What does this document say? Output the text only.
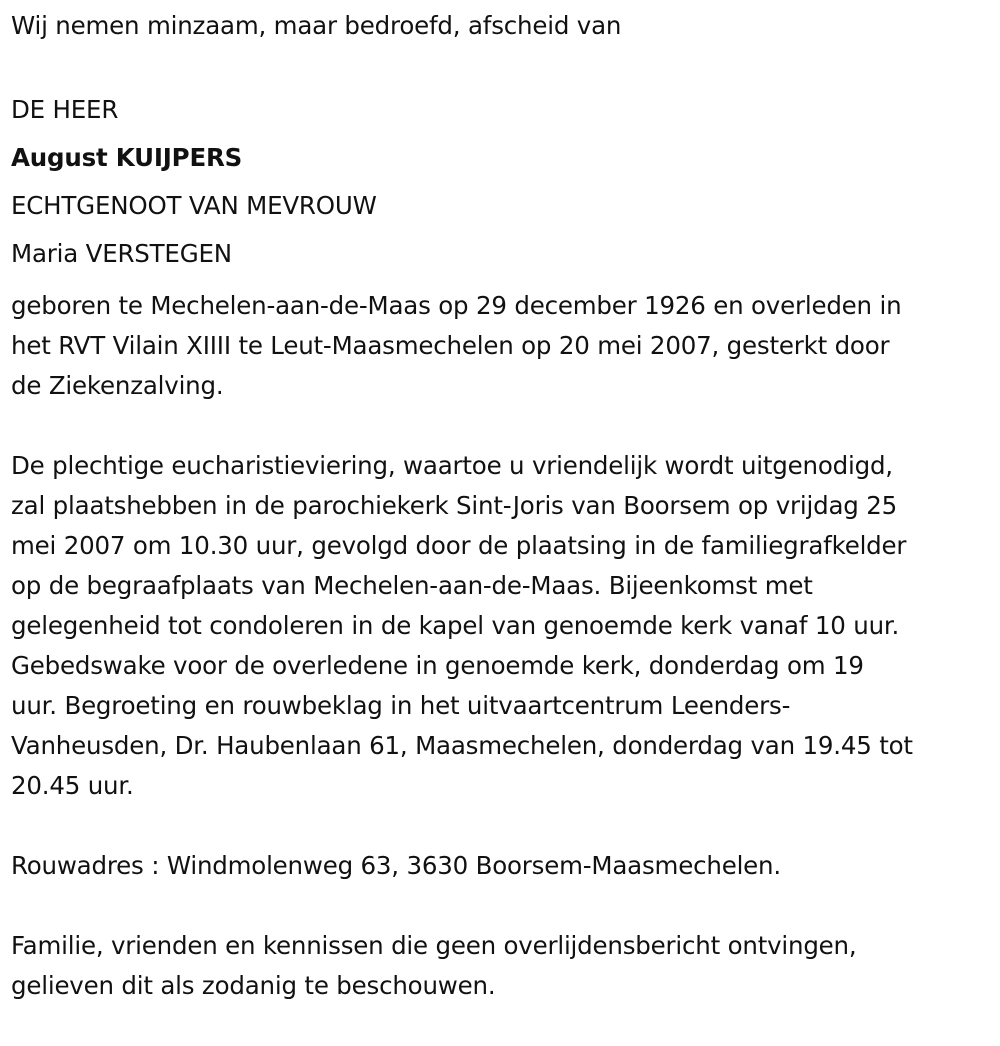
Wij nemen minzaam, maar bedroefd, afscheid van

DE HEER

August KUIJPERS

ECHTGENOOT VAN MEVROUW

Maria VERSTEGEN

geboren te Mechelen-aan-de-Maas op 29 december 1926 en overleden in

het RVT Vilain XIIII te Leut-Maasmechelen op 20 mei 2007, gesterkt door

de Ziekenzalving.

De plechtige eucharistieviering, waartoe u vriendelijk wordt uitgenodigd,

zal plaatshebben in de parochiekerk Sint-Joris van Boorsem op vrijdag 25

mei 2007 om 10.30 uur, gevolgd door de plaatsing in de familiegrafkelder

op de begraafplaats van Mechelen-aan-de-Maas. Bijeenkomst met

gelegenheid tot condoleren in de kapel van genoemde kerk vanaf 10 uur.

Gebedswake voor de overledene in genoemde kerk, donderdag om 19

uur. Begroeting en rouwbeklag in het uitvaartcentrum Leenders-

Vanheusden, Dr. Haubenlaan 61, Maasmechelen, donderdag van 19.45 tot

20.45 uur.

Rouwadres : Windmolenweg 63, 3630 Boorsem-Maasmechelen.

Familie, vrienden en kennissen die geen overlijdensbericht ontvingen,

gelieven dit als zodanig te beschouwen.
